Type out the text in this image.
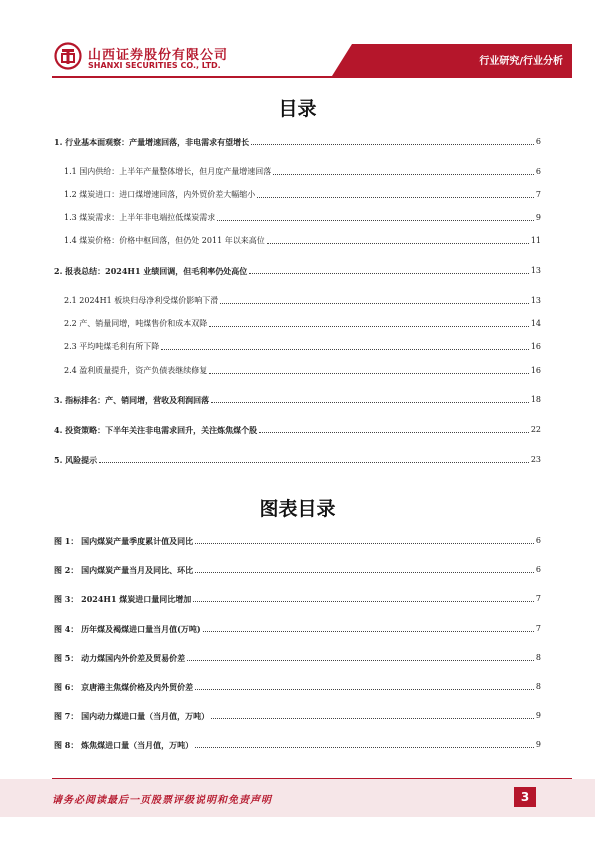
山西证券股份有限公司
SHANXI SECURITIES CO., LTD.	行业研究/行业分析
目录
1. 行业基本面观察：产量增速回落，非电需求有望增长	6
1.1 国内供给：上半年产量整体增长，但月度产量增速回落	6
1.2 煤炭进口：进口煤增速回落，内外贸价差大幅缩小	7
1.3 煤炭需求：上半年非电端拉低煤炭需求	9
1.4 煤炭价格：价格中枢回落，但仍处 2011 年以来高位	11
2. 报表总结：2024H1 业绩回调，但毛利率仍处高位	13
2.1 2024H1 板块归母净利受煤价影响下滑	13
2.2 产、销量同增，吨煤售价和成本双降	14
2.3 平均吨煤毛利有所下降	16
2.4 盈利质量提升，资产负债表继续修复	16
3. 指标排名：产、销同增，营收及利润回落	18
4. 投资策略：下半年关注非电需求回升，关注炼焦煤个股	22
5. 风险提示	23
图表目录
图 1： 国内煤炭产量季度累计值及同比	6
图 2： 国内煤炭产量当月及同比、环比	6
图 3： 2024H1 煤炭进口量同比增加	7
图 4： 历年煤及褐煤进口量当月值(万吨)	7
图 5： 动力煤国内外价差及贸易价差	8
图 6： 京唐港主焦煤价格及内外贸价差	8
图 7： 国内动力煤进口量（当月值，万吨）	9
图 8： 炼焦煤进口量（当月值，万吨）	9
请务必阅读最后一页股票评级说明和免责声明	3
